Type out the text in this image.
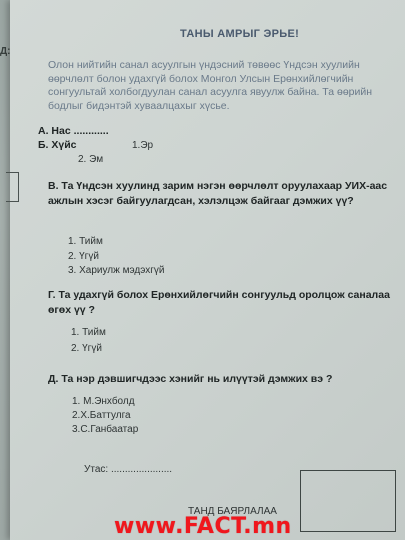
Д:
ТАНЫ АМРЫГ ЭРЬЕ!
Олон нийтийн санал асуулгын үндэсний төвөөс Үндсэн хуулийн өөрчлөлт болон удахгүй болох Монгол Улсын Ерөнхийлөгчийн сонгуультай холбогдуулан санал асуулга явуулж байна. Та өөрийн бодлыг бидэнтэй хуваалцахыг хүсье.
А. Нас ............
Б. Хүйс	1.Эр
2. Эм
В. Та Үндсэн хуулинд зарим нэгэн өөрчлөлт оруулахаар УИХ-аас ажлын хэсэг байгуулагдсан, хэлэлцэж байгааг дэмжих үү?
1. Тийм
2. Үгүй
3. Хариулж мэдэхгүй
Г. Та удахгүй болох Ерөнхийлөгчийн сонгуульд оролцож саналаа өгөх үү ?
1. Тийм
2. Үгүй
Д. Та нэр дэвшигчдээс хэнийг нь илүүтэй дэмжих вэ ?
1. М.Энхболд
2.Х.Баттулга
3.С.Ганбаатар
Утас: ......................
ТАНД БАЯРЛАЛАА
www.FACT.mn
